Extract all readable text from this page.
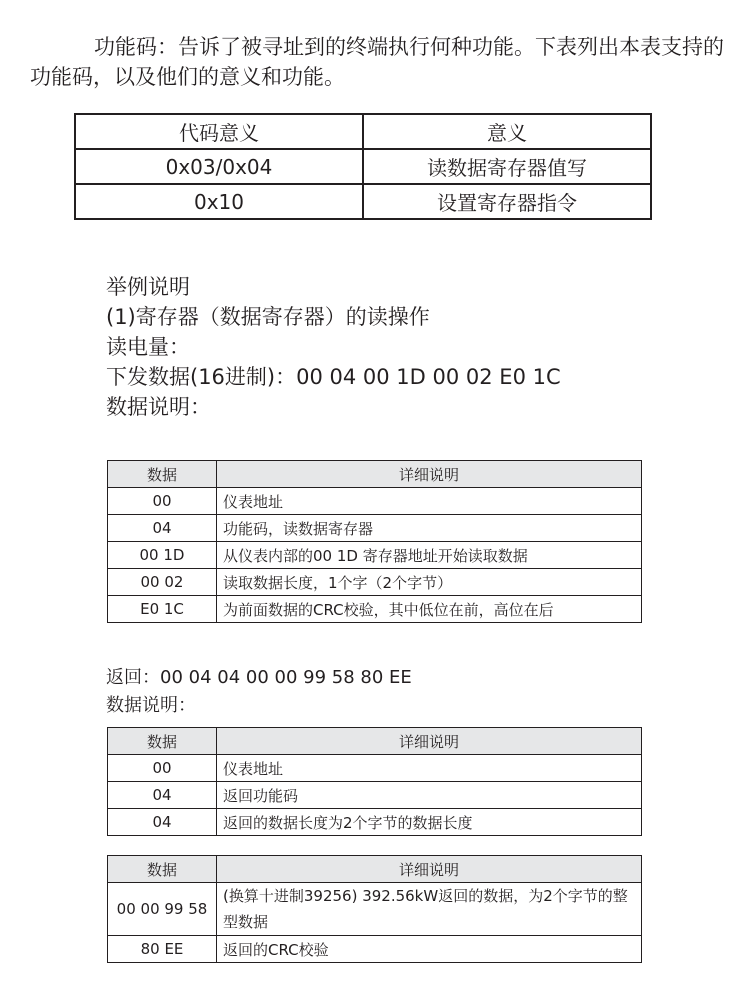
功能码：告诉了被寻址到的终端执行何种功能。下表列出本表支持的功能码，以及他们的意义和功能。

代码意义	意义
0x03/0x04	读数据寄存器值写
0x10	设置寄存器指令
举例说明
(1)寄存器（数据寄存器）的读操作
读电量：
下发数据(16进制)：00 04 00 1D 00 02 E0 1C
数据说明：
数据	详细说明
00	仪表地址
04	功能码，读数据寄存器
00 1D	从仪表内部的00 1D 寄存器地址开始读取数据
00 02	读取数据长度，1个字（2个字节）
E0 1C	为前面数据的CRC校验，其中低位在前，高位在后
返回：00 04 04 00 00 99 58 80 EE
数据说明：
数据	详细说明
00	仪表地址
04	返回功能码
04	返回的数据长度为2个字节的数据长度
数据	详细说明
00 00 99 58	(换算十进制39256) 392.56kW返回的数据，为2个字节的整型数据
80 EE	返回的CRC校验
